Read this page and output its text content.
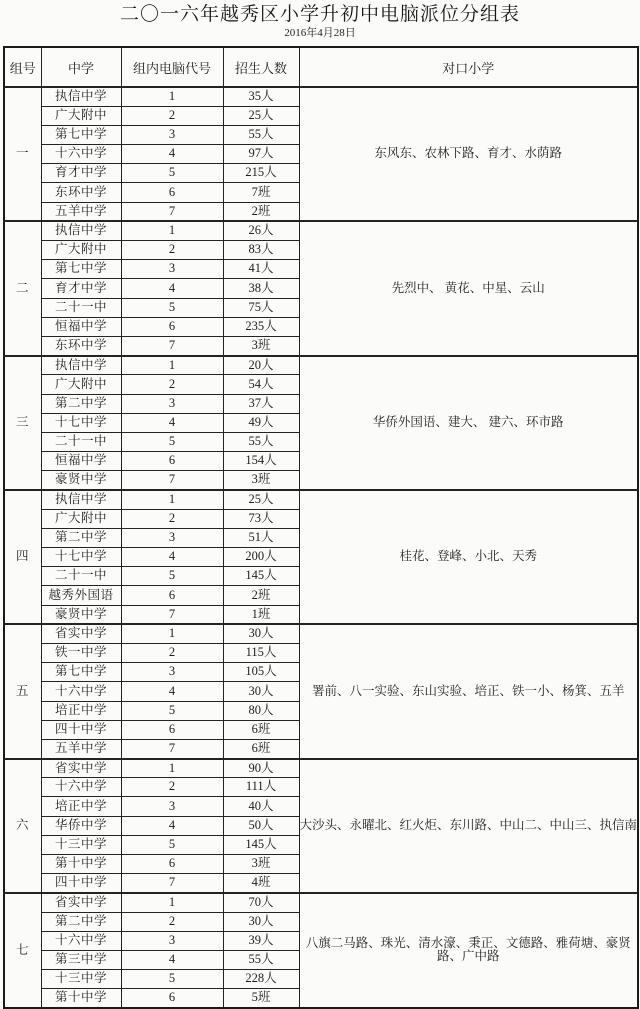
二〇一六年越秀区小学升初中电脑派位分组表
2016年4月28日
组号	中学	组内电脑代号	招生人数	对口小学
一	执信中学	1	35人	东风东、农林下路、育才、水荫路
	广大附中	2	25人	
	第七中学	3	55人	
	十六中学	4	97人	
	育才中学	5	215人	
	东环中学	6	7班	
	五羊中学	7	2班	
二	执信中学	1	26人	先烈中、 黄花、中星、云山
	广大附中	2	83人	
	第七中学	3	41人	
	育才中学	4	38人	
	二十一中	5	75人	
	恒福中学	6	235人	
	东环中学	7	3班	
三	执信中学	1	20人	华侨外国语、建大、 建六、环市路
	广大附中	2	54人	
	第二中学	3	37人	
	十七中学	4	49人	
	二十一中	5	55人	
	恒福中学	6	154人	
	豪贤中学	7	3班	
四	执信中学	1	25人	桂花、登峰、小北、天秀
	广大附中	2	73人	
	第二中学	3	51人	
	十七中学	4	200人	
	二十一中	5	145人	
	越秀外国语	6	2班	
	豪贤中学	7	1班	
五	省实中学	1	30人	署前、八一实验、东山实验、培正、铁一小、杨箕、五羊
	铁一中学	2	115人	
	第七中学	3	105人	
	十六中学	4	30人	
	培正中学	5	80人	
	四十中学	6	6班	
	五羊中学	7	6班	
六	省实中学	1	90人	大沙头、永曜北、红火炬、东川路、中山二、中山三、执信南
	十六中学	2	111人	
	培正中学	3	40人	
	华侨中学	4	50人	
	十三中学	5	145人	
	第十中学	6	3班	
	四十中学	7	4班	
七	省实中学	1	70人	八旗二马路、珠光、清水濠、秉正、文德路、雅荷塘、豪贤路、广中路
	第二中学	2	30人	
	十六中学	3	39人	
	第三中学	4	55人	
	十三中学	5	228人	
	第十中学	6	5班	
